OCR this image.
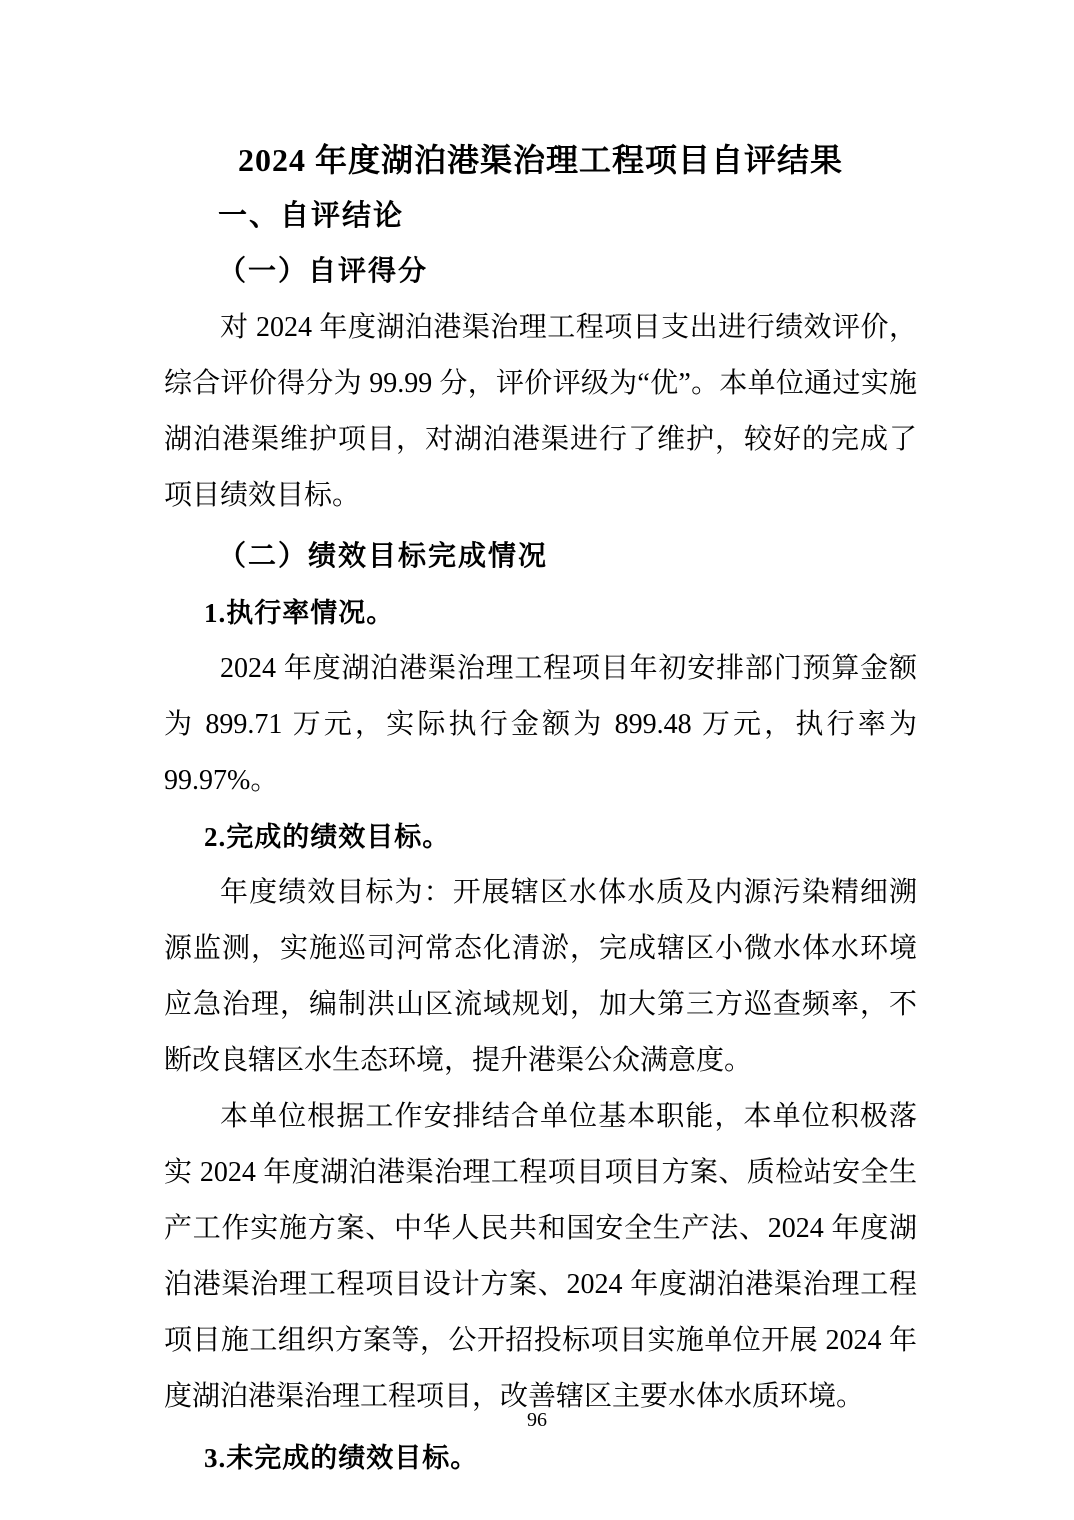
2024 年度湖泊港渠治理工程项目自评结果
一、自评结论
（一）自评得分

对 2024 年度湖泊港渠治理工程项目支出进行绩效评价，综合评价得分为 99.99 分，评价评级为“优”。本单位通过实施湖泊港渠维护项目，对湖泊港渠进行了维护，较好的完成了项目绩效目标。

（二）绩效目标完成情况
1.执行率情况。

2024 年度湖泊港渠治理工程项目年初安排部门预算金额为 899.71 万元，实际执行金额为 899.48 万元，执行率为 99.97%。

2.完成的绩效目标。

年度绩效目标为：开展辖区水体水质及内源污染精细溯源监测，实施巡司河常态化清淤，完成辖区小微水体水环境应急治理，编制洪山区流域规划，加大第三方巡查频率，不断改良辖区水生态环境，提升港渠公众满意度。

本单位根据工作安排结合单位基本职能，本单位积极落实 2024 年度湖泊港渠治理工程项目项目方案、质检站安全生产工作实施方案、中华人民共和国安全生产法、2024 年度湖泊港渠治理工程项目设计方案、2024 年度湖泊港渠治理工程项目施工组织方案等，公开招投标项目实施单位开展 2024 年度湖泊港渠治理工程项目，改善辖区主要水体水质环境。

3.未完成的绩效目标。
96
